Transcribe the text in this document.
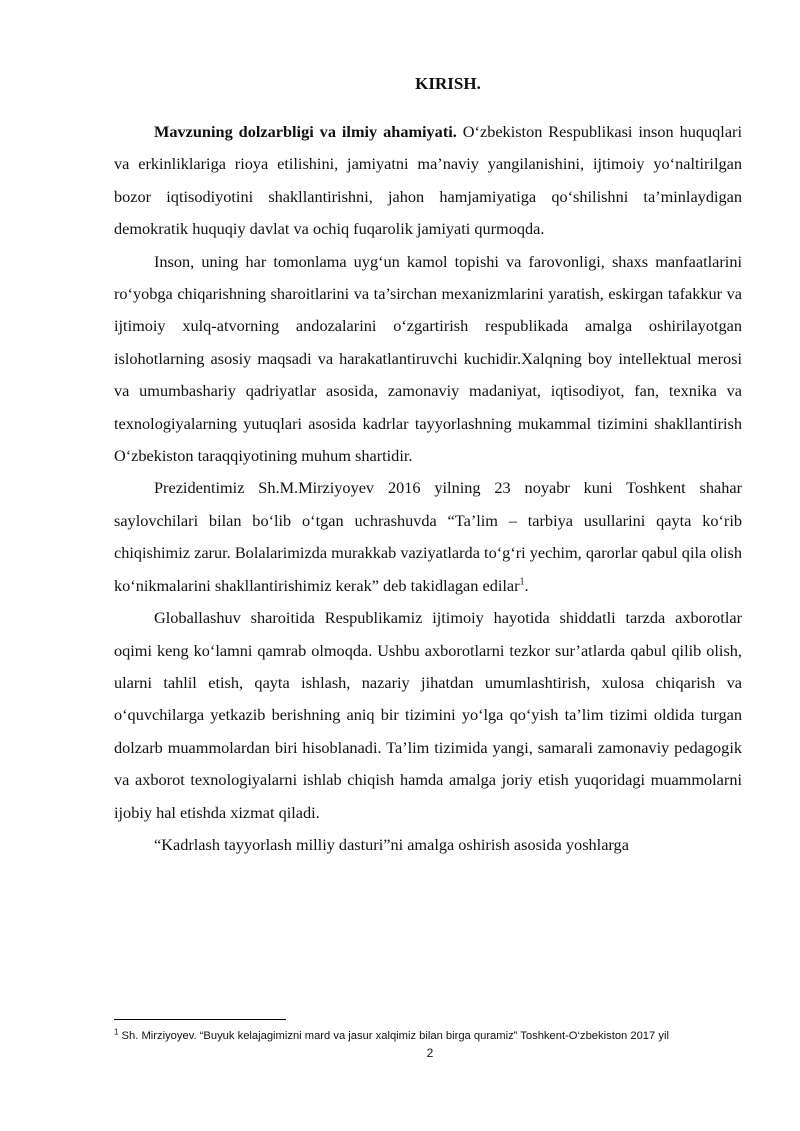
KIRISH.

Mavzuning dolzarbligi va ilmiy ahamiyati. O‘zbekiston Respublikasi inson huquqlari va erkinliklariga rioya etilishini, jamiyatni ma’naviy yangilanishini, ijtimoiy yo‘naltirilgan bozor iqtisodiyotini shakllantirishni, jahon hamjamiyatiga qo‘shilishni ta’minlaydigan demokratik huquqiy davlat va ochiq fuqarolik jamiyati qurmoqda.

Inson, uning har tomonlama uyg‘un kamol topishi va farovonligi, shaxs manfaatlarini ro‘yobga chiqarishning sharoitlarini va ta’sirchan mexanizmlarini yaratish, eskirgan tafakkur va ijtimoiy xulq-atvorning andozalarini o‘zgartirish respublikada amalga oshirilayotgan islohotlarning asosiy maqsadi va harakatlantiruvchi kuchidir.Xalqning boy intellektual merosi va umumbashariy qadriyatlar asosida, zamonaviy madaniyat, iqtisodiyot, fan, texnika va texnologiyalarning yutuqlari asosida kadrlar tayyorlashning mukammal tizimini shakllantirish O‘zbekiston taraqqiyotining muhum shartidir.

Prezidentimiz Sh.M.Mirziyoyev 2016 yilning 23 noyabr kuni Toshkent shahar saylovchilari bilan bo‘lib o‘tgan uchrashuvda “Ta’lim – tarbiya usullarini qayta ko‘rib chiqishimiz zarur. Bolalarimizda murakkab vaziyatlarda to‘g‘ri yechim, qarorlar qabul qila olish ko‘nikmalarini shakllantirishimiz kerak” deb takidlagan edilar$^1$.

Globallashuv sharoitida Respublikamiz ijtimoiy hayotida shiddatli tarzda axborotlar oqimi keng ko‘lamni qamrab olmoqda. Ushbu axborotlarni tezkor sur’atlarda qabul qilib olish, ularni tahlil etish, qayta ishlash, nazariy jihatdan umumlashtirish, xulosa chiqarish va o‘quvchilarga yetkazib berishning aniq bir tizimini yo‘lga qo‘yish ta’lim tizimi oldida turgan dolzarb muammolardan biri hisoblanadi. Ta’lim tizimida yangi, samarali zamonaviy pedagogik va axborot texnologiyalarni ishlab chiqish hamda amalga joriy etish yuqoridagi muammolarni ijobiy hal etishda xizmat qiladi.

“Kadrlash tayyorlash milliy dasturi”ni amalga oshirish asosida yoshlarga

$^1$ Sh. Mirziyoyev. “Buyuk kelajagimizni mard va jasur xalqimiz bilan birga quramiz” Toshkent-O‘zbekiston 2017 yil
2
